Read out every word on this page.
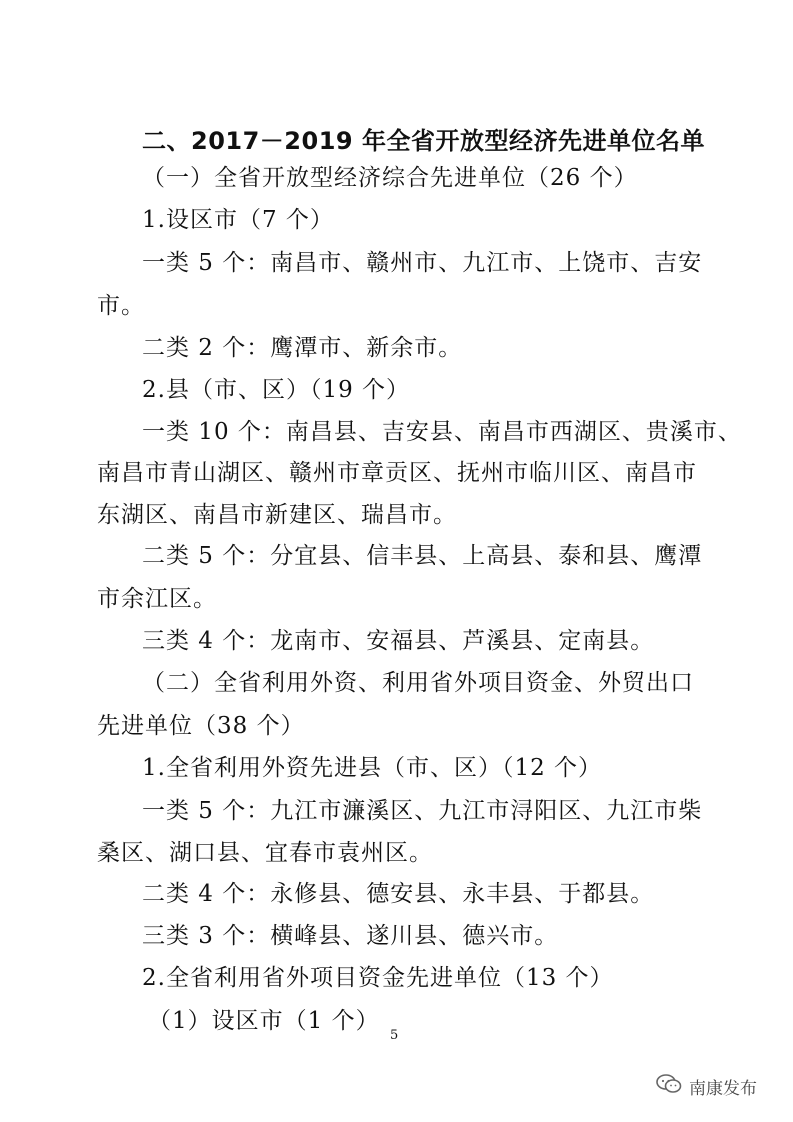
二、2017－2019 年全省开放型经济先进单位名单
（一）全省开放型经济综合先进单位（26 个）
1.设区市（7 个）
一类 5 个：南昌市、赣州市、九江市、上饶市、吉安
市。
二类 2 个：鹰潭市、新余市。
2.县（市、区）（19 个）
一类 10 个：南昌县、吉安县、南昌市西湖区、贵溪市、
南昌市青山湖区、赣州市章贡区、抚州市临川区、南昌市
东湖区、南昌市新建区、瑞昌市。
二类 5 个：分宜县、信丰县、上高县、泰和县、鹰潭
市余江区。
三类 4 个：龙南市、安福县、芦溪县、定南县。
（二）全省利用外资、利用省外项目资金、外贸出口
先进单位（38 个）
1.全省利用外资先进县（市、区）（12 个）
一类 5 个：九江市濂溪区、九江市浔阳区、九江市柴
桑区、湖口县、宜春市袁州区。
二类 4 个：永修县、德安县、永丰县、于都县。
三类 3 个：横峰县、遂川县、德兴市。
2.全省利用省外项目资金先进单位（13 个）
（1）设区市（1 个）
5
南康发布
